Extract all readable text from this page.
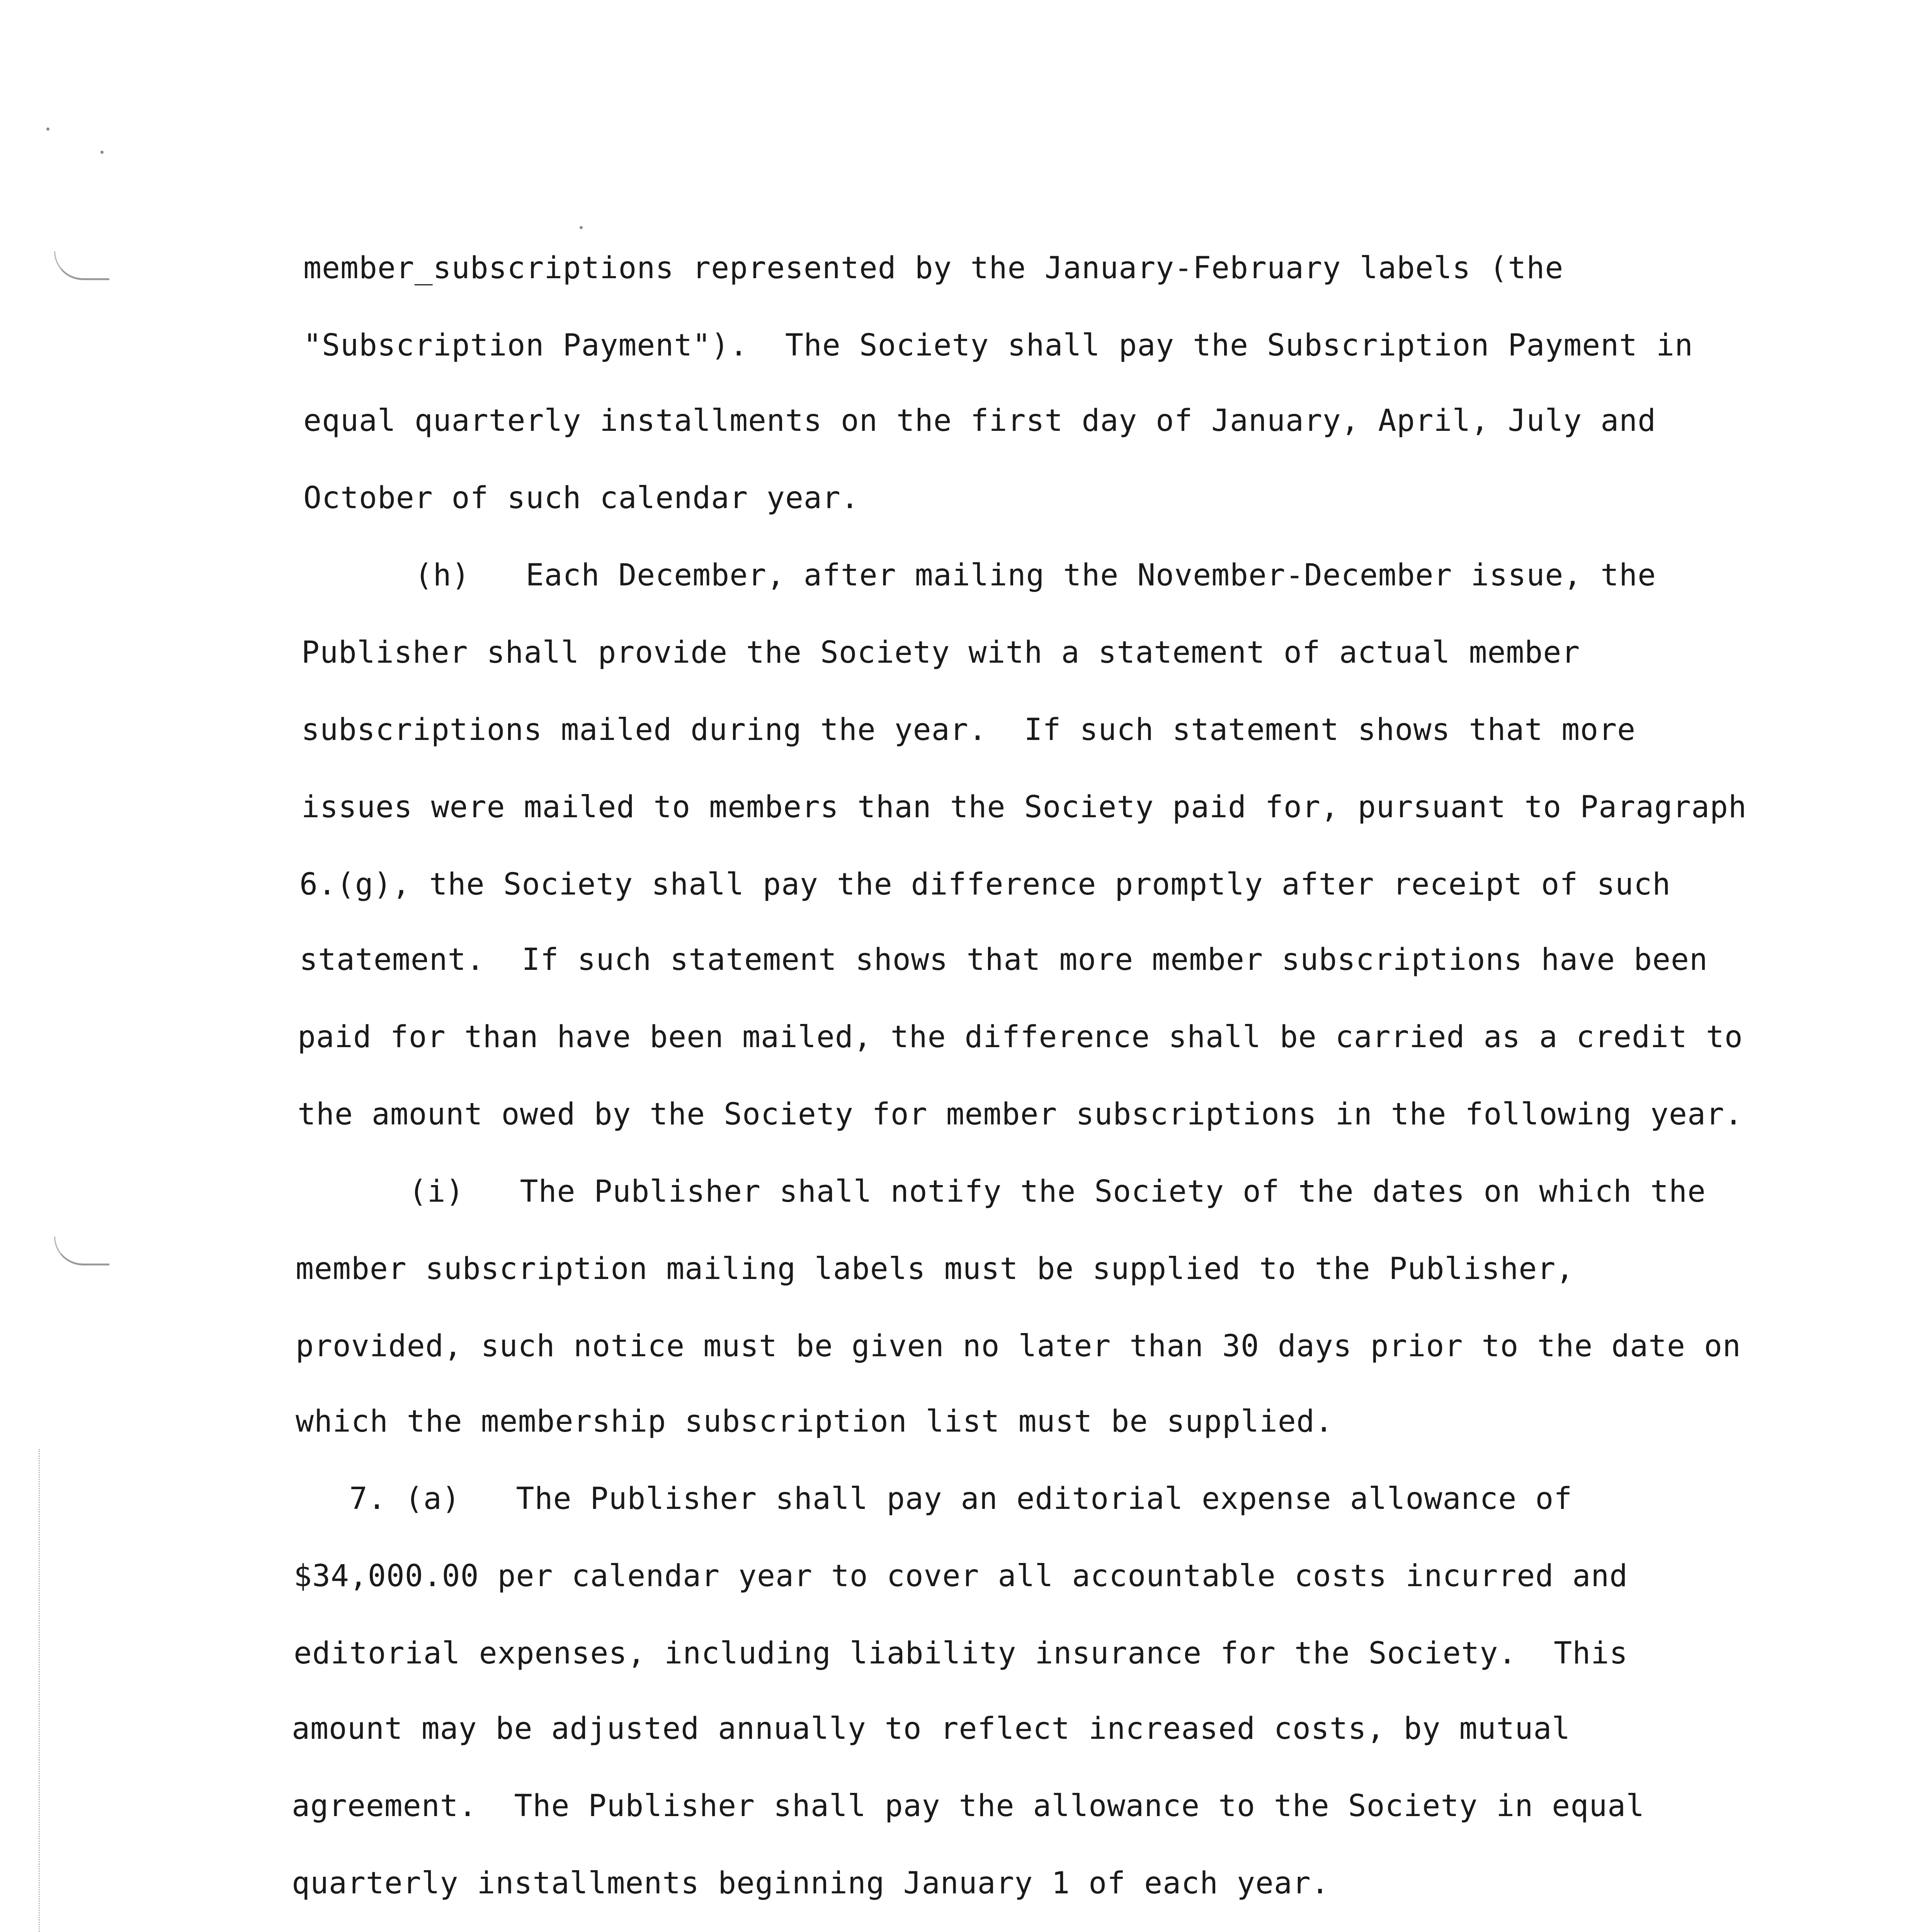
member_subscriptions represented by the January-February labels (the
"Subscription Payment").  The Society shall pay the Subscription Payment in
equal quarterly installments on the first day of January, April, July and
October of such calendar year.
(h)   Each December, after mailing the November-December issue, the
Publisher shall provide the Society with a statement of actual member
subscriptions mailed during the year.  If such statement shows that more
issues were mailed to members than the Society paid for, pursuant to Paragraph
6.(g), the Society shall pay the difference promptly after receipt of such
statement.  If such statement shows that more member subscriptions have been
paid for than have been mailed, the difference shall be carried as a credit to
the amount owed by the Society for member subscriptions in the following year.
(i)   The Publisher shall notify the Society of the dates on which the
member subscription mailing labels must be supplied to the Publisher,
provided, such notice must be given no later than 30 days prior to the date on
which the membership subscription list must be supplied.
7. (a)   The Publisher shall pay an editorial expense allowance of
$34,000.00 per calendar year to cover all accountable costs incurred and
editorial expenses, including liability insurance for the Society.  This
amount may be adjusted annually to reflect increased costs, by mutual
agreement.  The Publisher shall pay the allowance to the Society in equal
quarterly installments beginning January 1 of each year.
